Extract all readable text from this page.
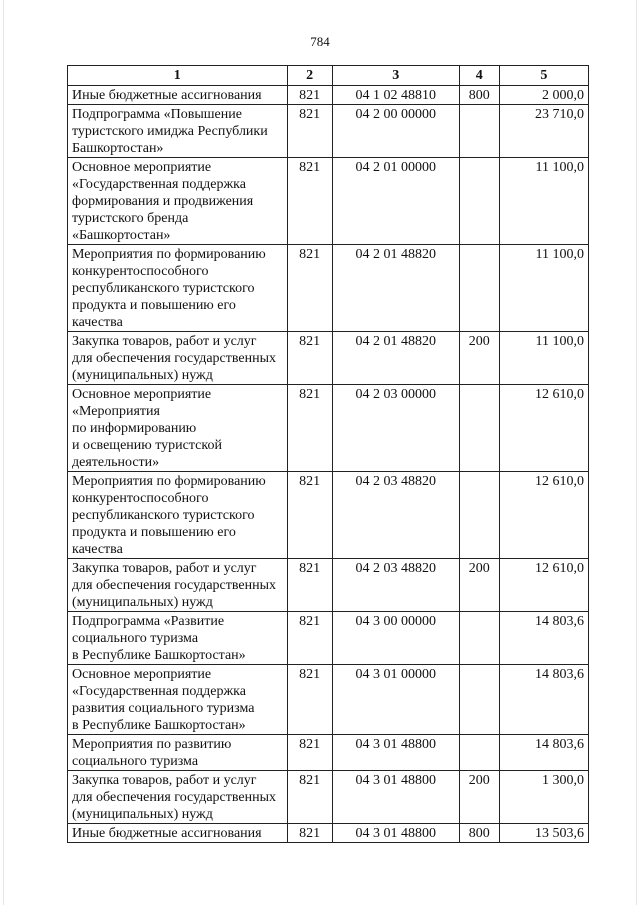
784
1	2	3	4	5
Иные бюджетные ассигнования	821	04 1 02 48810	800	2 000,0
Подпрограмма «Повышение
туристского имиджа Республики
Башкортостан»	821	04 2 00 00000		23 710,0
Основное мероприятие
«Государственная поддержка
формирования и продвижения
туристского бренда
«Башкортостан»	821	04 2 01 00000		11 100,0
Мероприятия по формированию
конкурентоспособного
республиканского туристского
продукта и повышению его
качества	821	04 2 01 48820		11 100,0
Закупка товаров, работ и услуг
для обеспечения государственных
(муниципальных) нужд	821	04 2 01 48820	200	11 100,0
Основное мероприятие
«Мероприятия
по информированию
и освещению туристской
деятельности»	821	04 2 03 00000		12 610,0
Мероприятия по формированию
конкурентоспособного
республиканского туристского
продукта и повышению его
качества	821	04 2 03 48820		12 610,0
Закупка товаров, работ и услуг
для обеспечения государственных
(муниципальных) нужд	821	04 2 03 48820	200	12 610,0
Подпрограмма «Развитие
социального туризма
в Республике Башкортостан»	821	04 3 00 00000		14 803,6
Основное мероприятие
«Государственная поддержка
развития социального туризма
в Республике Башкортостан»	821	04 3 01 00000		14 803,6
Мероприятия по развитию
социального туризма	821	04 3 01 48800		14 803,6
Закупка товаров, работ и услуг
для обеспечения государственных
(муниципальных) нужд	821	04 3 01 48800	200	1 300,0
Иные бюджетные ассигнования	821	04 3 01 48800	800	13 503,6
